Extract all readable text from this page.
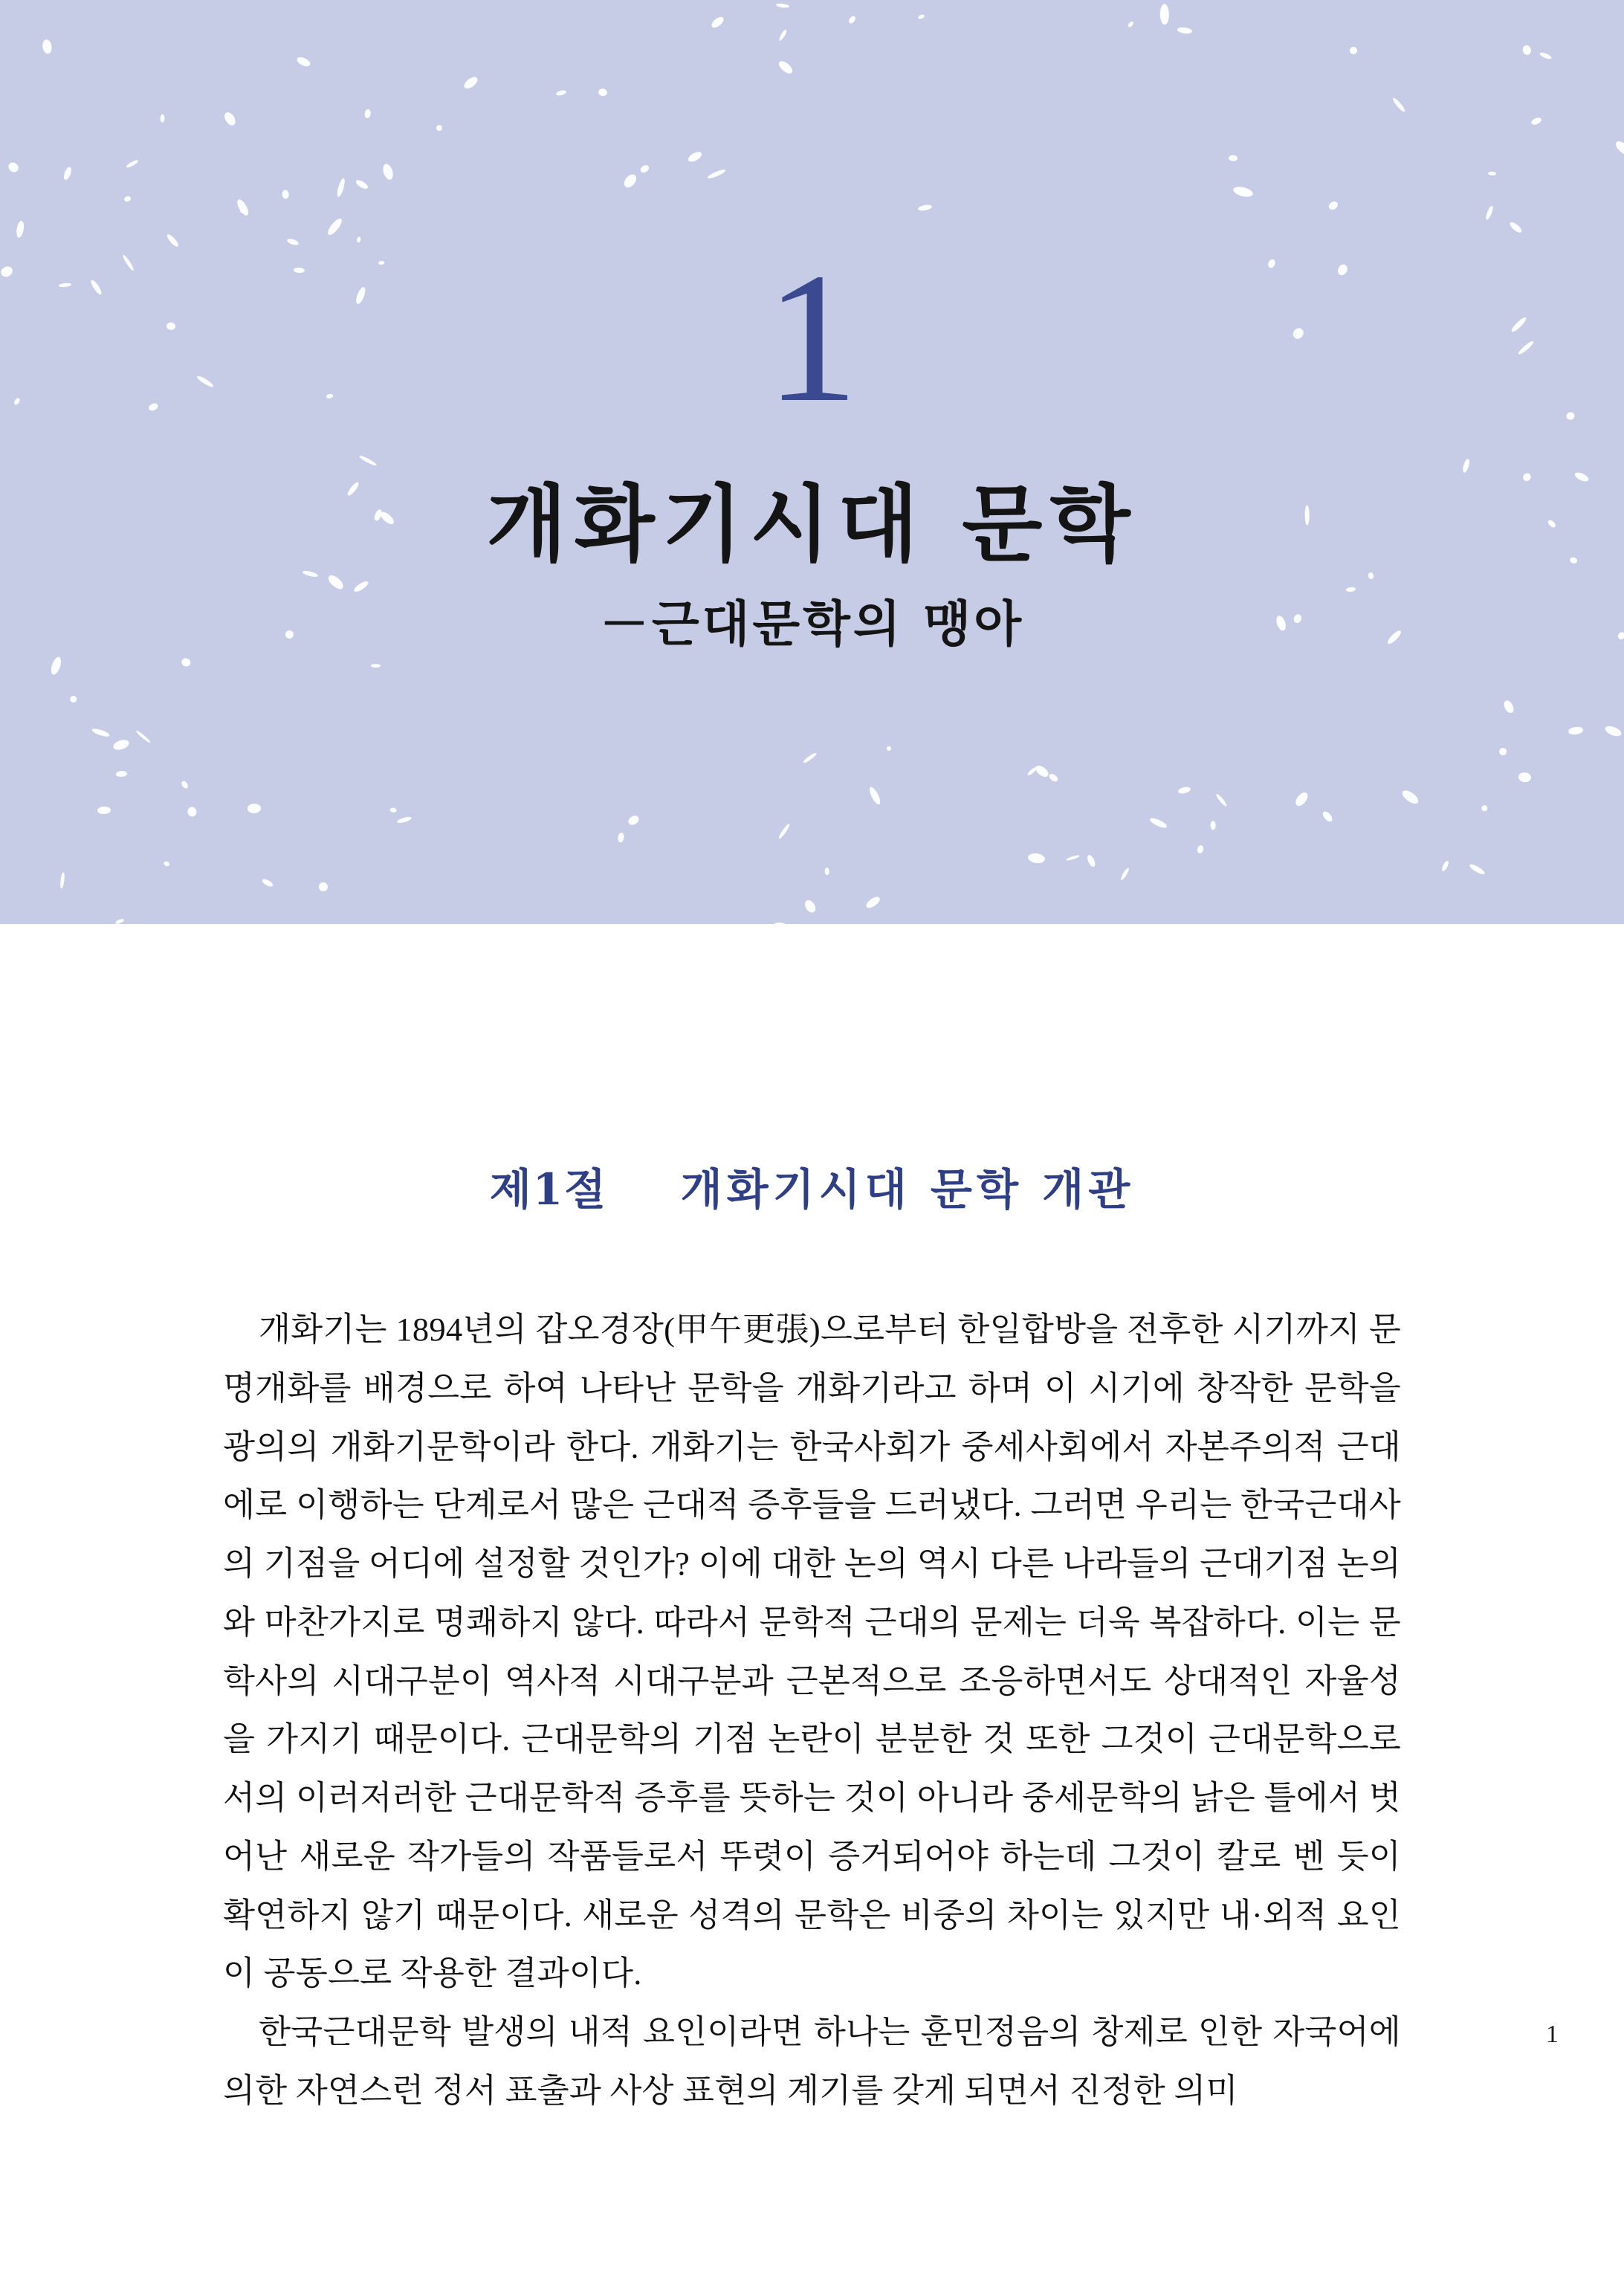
1
개화기시대 문학
－근대문학의 맹아
제1절 개화기시대 문학 개관

개화기는 1894년의 갑오경장(甲午更張)으로부터 한일합방을 전후한 시기까지 문명개화를 배경으로 하여 나타난 문학을 개화기라고 하며 이 시기에 창작한 문학을 광의의 개화기문학이라 한다. 개화기는 한국사회가 중세사회에서 자본주의적 근대에로 이행하는 단계로서 많은 근대적 증후들을 드러냈다. 그러면 우리는 한국근대사의 기점을 어디에 설정할 것인가? 이에 대한 논의 역시 다른 나라들의 근대기점 논의와 마찬가지로 명쾌하지 않다. 따라서 문학적 근대의 문제는 더욱 복잡하다. 이는 문학사의 시대구분이 역사적 시대구분과 근본적으로 조응하면서도 상대적인 자율성을 가지기 때문이다. 근대문학의 기점 논란이 분분한 것 또한 그것이 근대문학으로서의 이러저러한 근대문학적 증후를 뜻하는 것이 아니라 중세문학의 낡은 틀에서 벗어난 새로운 작가들의 작품들로서 뚜렷이 증거되어야 하는데 그것이 칼로 벤 듯이 확연하지 않기 때문이다. 새로운 성격의 문학은 비중의 차이는 있지만 내·외적 요인이 공동으로 작용한 결과이다.

한국근대문학 발생의 내적 요인이라면 하나는 훈민정음의 창제로 인한 자국어에 의한 자연스런 정서 표출과 사상 표현의 계기를 갖게 되면서 진정한 의미

1
